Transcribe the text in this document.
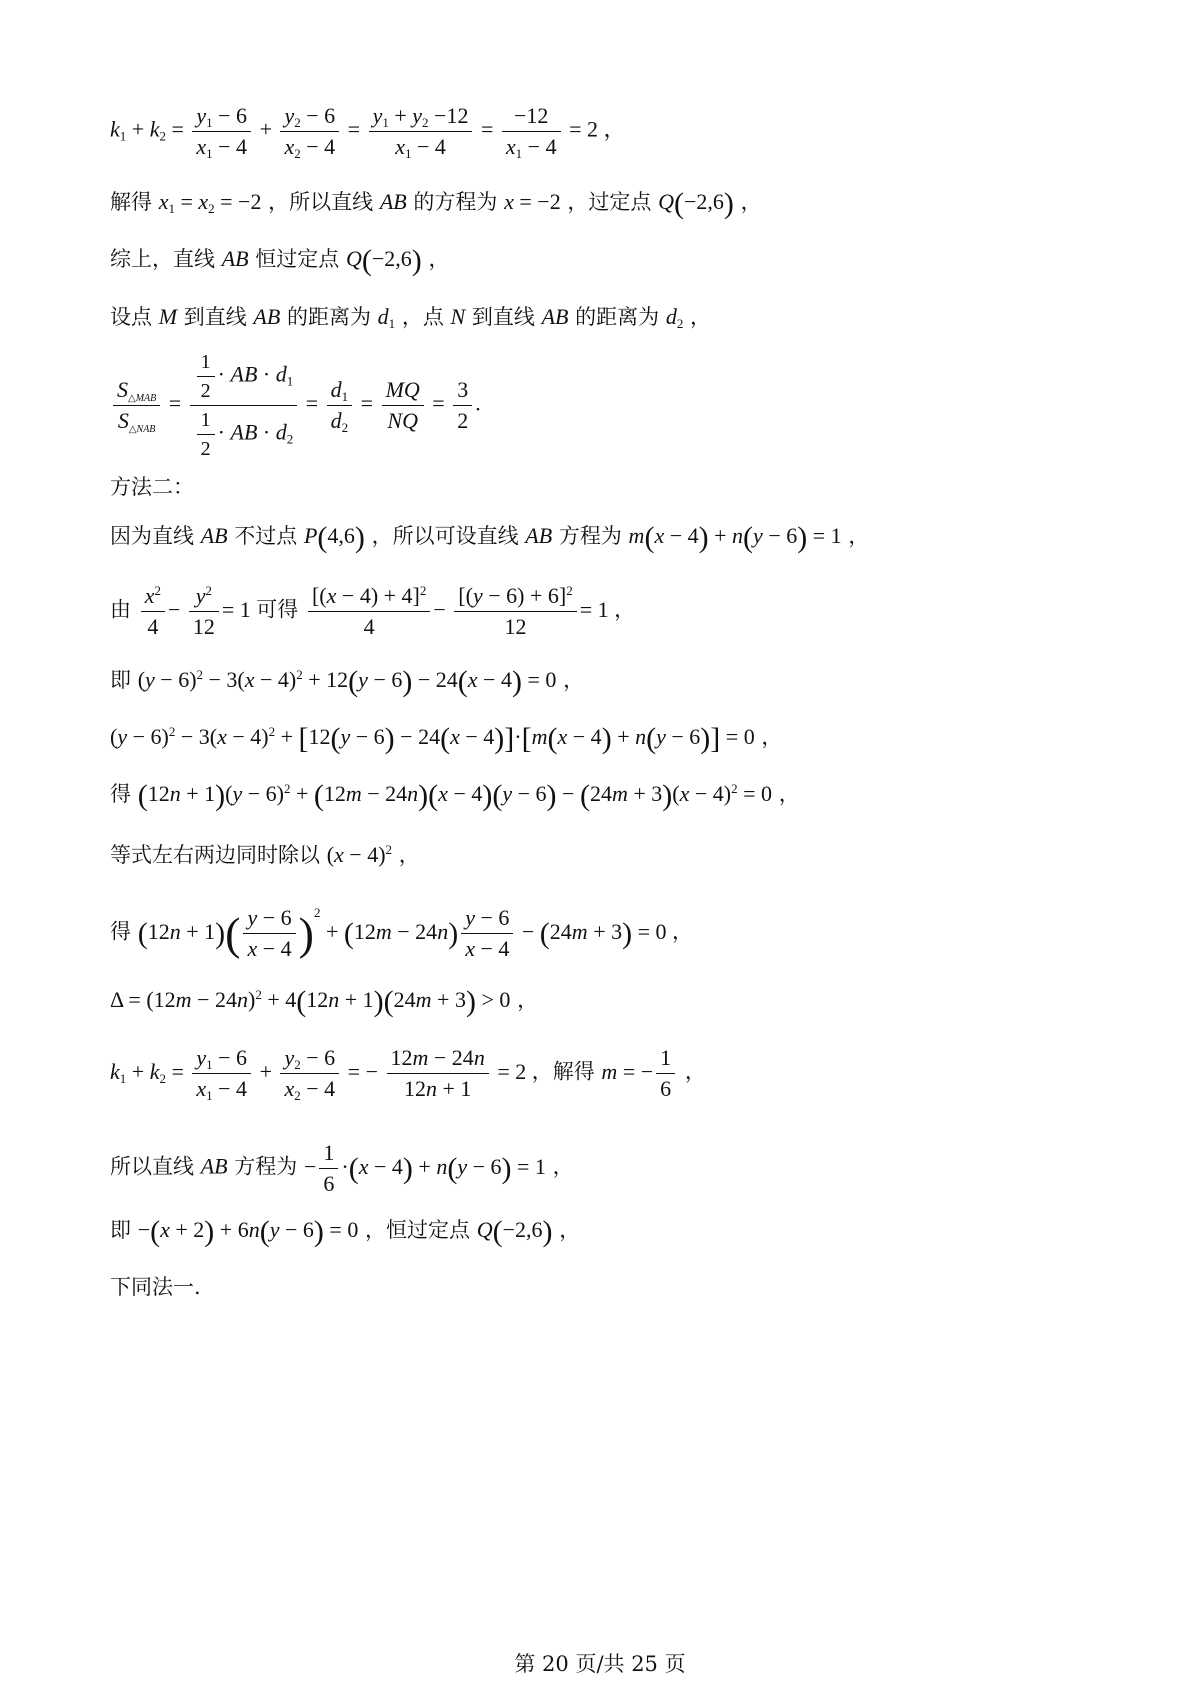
$k_1 + k_2 = \frac{y_1 - 6}{x_1 - 4} + \frac{y_2 - 6}{x_2 - 4} = \frac{y_1 + y_2 -12}{x_1 - 4} = \frac{-12}{x_1 - 4} = 2$ ，
解得 $x_1 = x_2 = -2$ ，所以直线 AB 的方程为 x = −2 ，过定点 Q(−2,6) ，
综上，直线 AB 恒过定点 Q(−2,6) ，
设点 M 到直线 AB 的距离为 $d_1$ ，点 N 到直线 AB 的距离为 $d_2$ ，
$\frac{S_{\triangle MAB}}{S_{\triangle NAB}} = \frac{\frac{1}{2} \cdot AB \cdot d_1}{\frac{1}{2} \cdot AB \cdot d_2} = \frac{d_1}{d_2} = \frac{MQ}{NQ} = \frac{3}{2}$ .
方法二：
因为直线 AB 不过点 P(4,6) ，所以可设直线 AB 方程为 m(x − 4) + n(y − 6) = 1 ，
由 $\frac{x^2}{4} - \frac{y^2}{12} = 1$ 可得 $\frac{[(x - 4) + 4]^2}{4} - \frac{[(y - 6) + 6]^2}{12} = 1$ ，
即 $(y - 6)^2 - 3(x - 4)^2 + 12(y - 6) - 24(x - 4) = 0$ ，
$(y - 6)^2 - 3(x - 4)^2 + [12(y - 6) - 24(x - 4)]\cdot[m(x - 4) + n(y - 6)] = 0$ ，
得 $(12n + 1)(y - 6)^2 + (12m - 24n)(x - 4)(y - 6) - (24m + 3)(x - 4)^2 = 0$ ，
等式左右两边同时除以 $(x - 4)^2$ ，
得 $(12n + 1)( \frac{y - 6}{x - 4} )^2 + (12m - 24n) \frac{y - 6}{x - 4} - (24m + 3) = 0$ ，
$\Delta = (12m - 24n)^2 + 4(12n + 1)(24m + 3) > 0$ ，
$k_1 + k_2 = \frac{y_1 - 6}{x_1 - 4} + \frac{y_2 - 6}{x_2 - 4}$ = − $\frac{12m - 24n}{12n + 1} = 2$ ，解得 m = − $\frac{1}{6}$ ，
所以直线 AB 方程为 − $\frac{1}{6} \cdot(x - 4) + n(y - 6) = 1$ ，
即 −(x + 2) + 6n(y − 6) = 0 ，恒过定点 Q(−2,6) ，
下同法一.
第 20 页/共 25 页
